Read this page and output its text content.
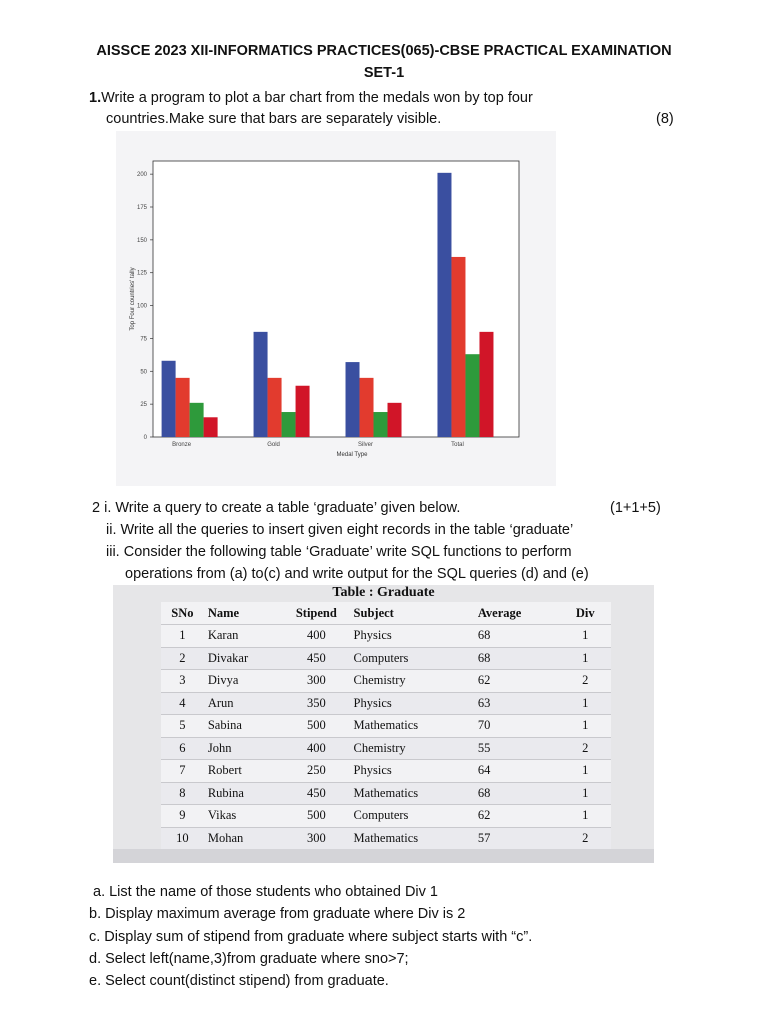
AISSCE 2023 XII-INFORMATICS PRACTICES(065)-CBSE PRACTICAL EXAMINATION
SET-1
1.Write a program to plot a bar chart from the medals won by top four
countries.Make sure that bars are separately visible.	(8)
0
25
50
75
100
125
150
175
200
Bronze	Gold	Silver	Total
Medal Type
Top Four countries' tally
2 i. Write a query to create a table ‘graduate’ given below.	(1+1+5)
ii. Write all the queries to insert given eight records in the table ‘graduate’
iii. Consider the following table ‘Graduate’ write SQL functions to perform
operations from (a) to(c) and write output for the SQL queries (d) and (e)
Table : Graduate
SNo	Name	Stipend	Subject	Average	Div
1	Karan	400	Physics	68	1
2	Divakar	450	Computers	68	1
3	Divya	300	Chemistry	62	2
4	Arun	350	Physics	63	1
5	Sabina	500	Mathematics	70	1
6	John	400	Chemistry	55	2
7	Robert	250	Physics	64	1
8	Rubina	450	Mathematics	68	1
9	Vikas	500	Computers	62	1
10	Mohan	300	Mathematics	57	2
a. List the name of those students who obtained Div 1
b. Display maximum average from graduate where Div is 2
c. Display sum of stipend from graduate where subject starts with “c”.
d. Select left(name,3)from graduate where sno>7;
e. Select count(distinct stipend) from graduate.
